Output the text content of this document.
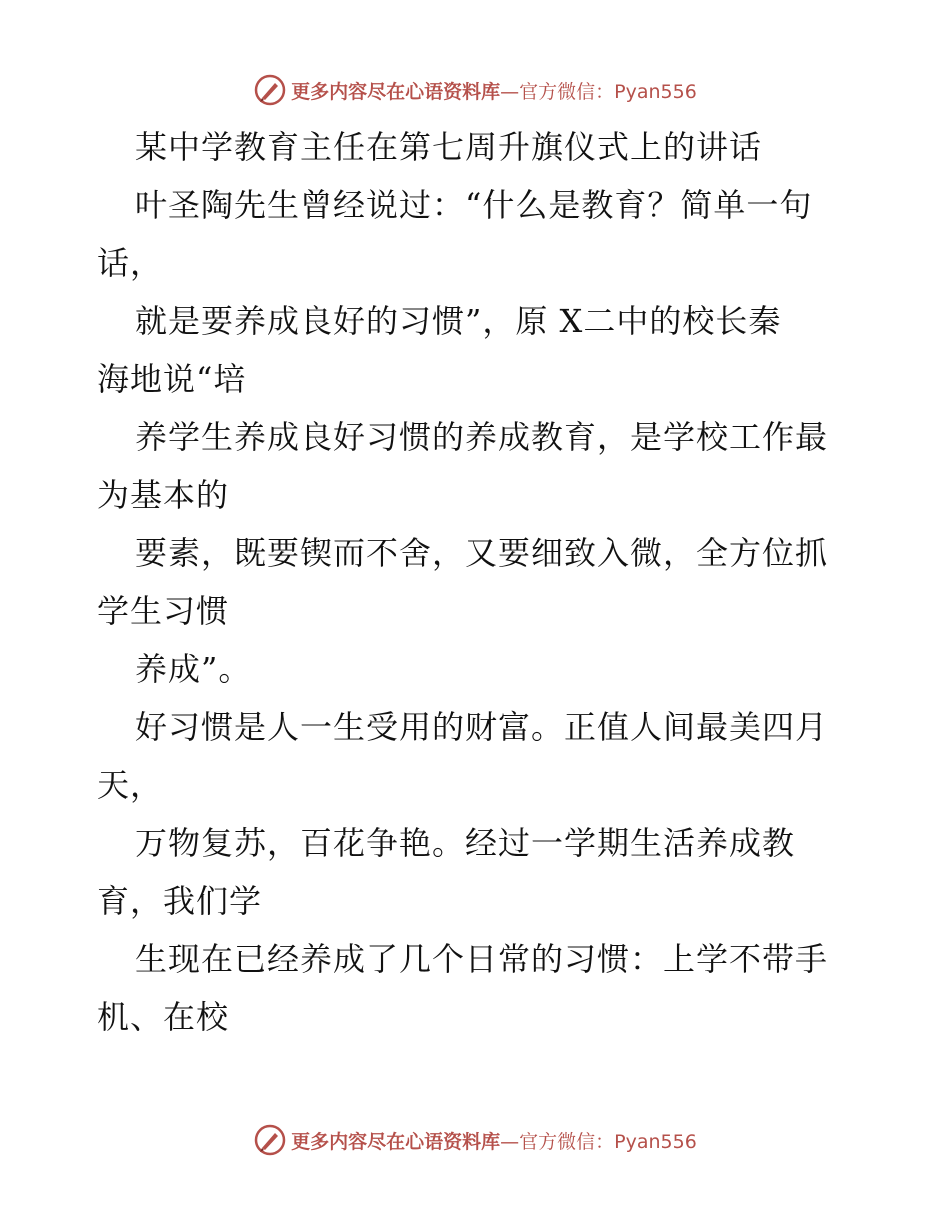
更多内容尽在心语资料库 —官方微信：Pyan556
某中学教育主任在第七周升旗仪式上的讲话
叶圣陶先生曾经说过：“什么是教育？简单一句
话，
就是要养成良好的习惯”，原 X二中的校长秦
海地说“培
养学生养成良好习惯的养成教育，是学校工作最
为基本的
要素，既要锲而不舍，又要细致入微，全方位抓
学生习惯
养成”。
好习惯是人一生受用的财富。正值人间最美四月
天，
万物复苏，百花争艳。经过一学期生活养成教
育，我们学
生现在已经养成了几个日常的习惯：上学不带手
机、在校
更多内容尽在心语资料库 —官方微信：Pyan556
